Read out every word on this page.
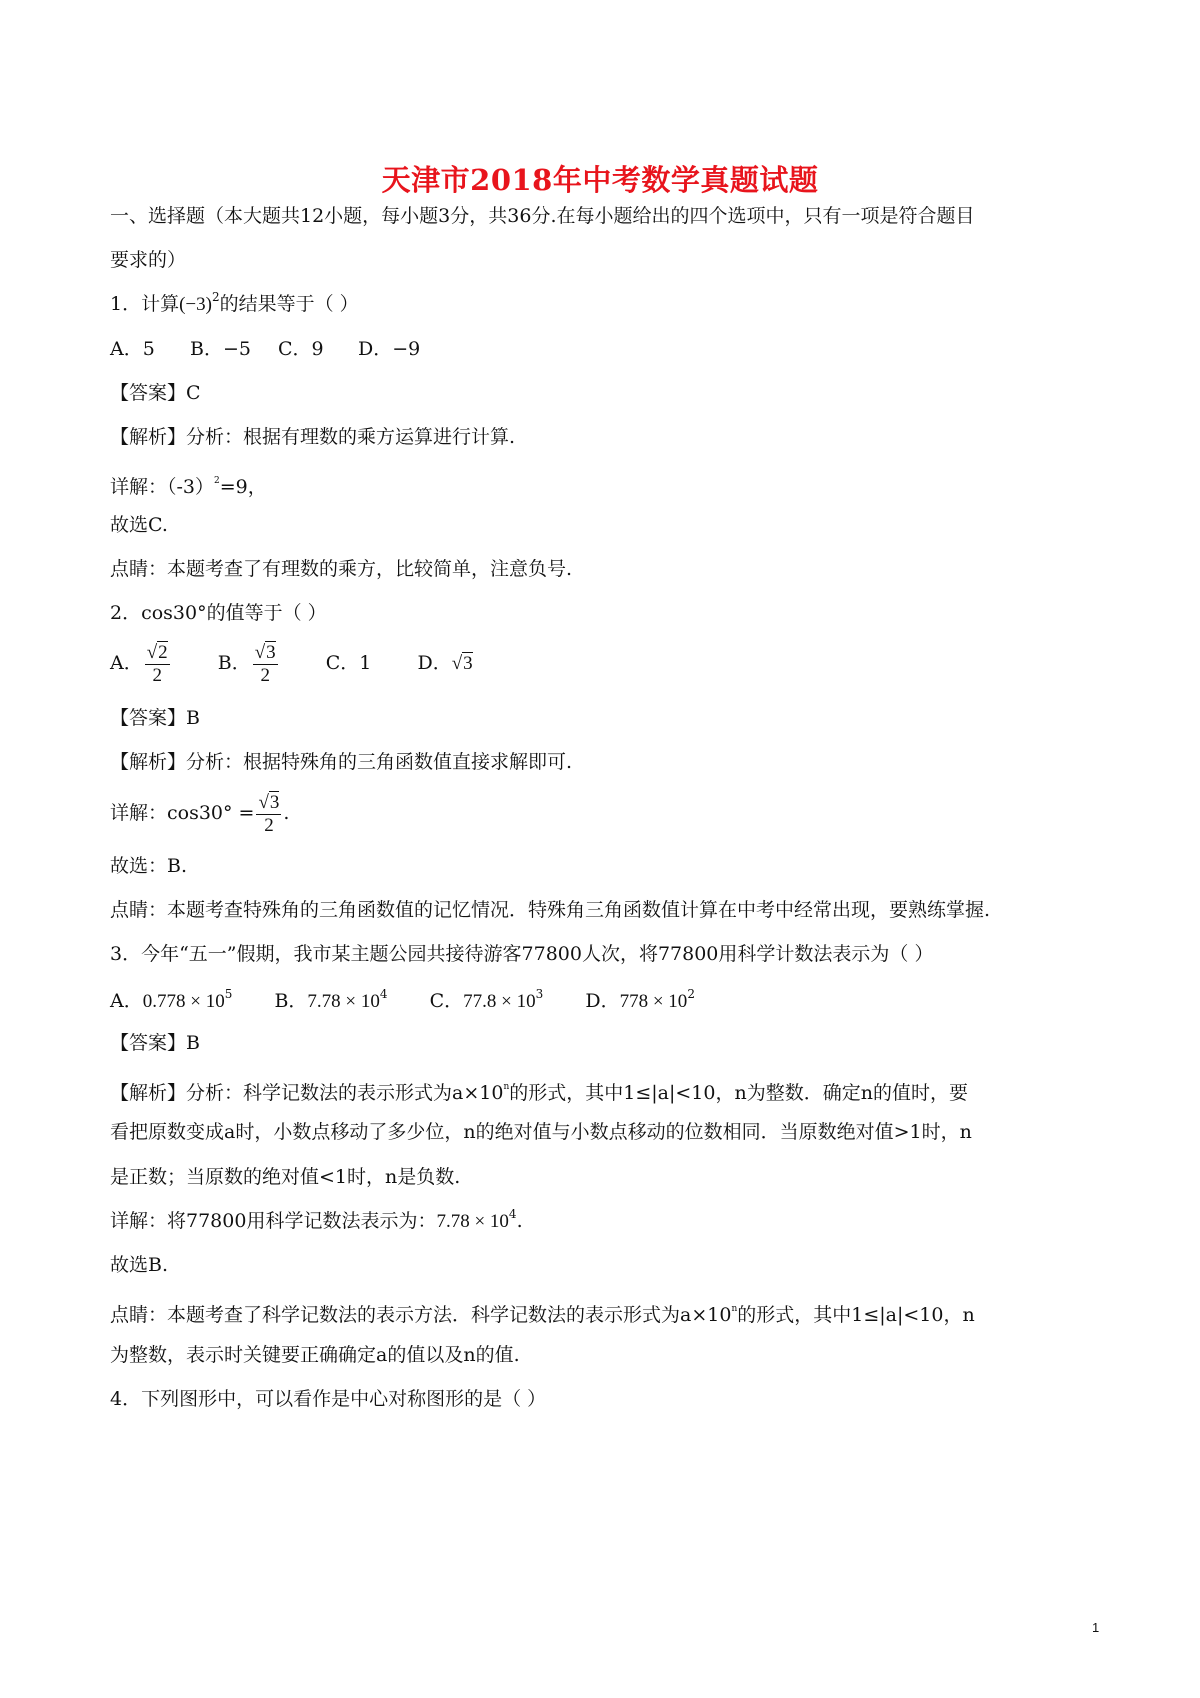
天津市2018年中考数学真题试题
一、选择题（本大题共12小题，每小题3分，共36分.在每小题给出的四个选项中，只有一项是符合题目
要求的）
1．计算$(-3)^2$的结果等于（ ）
A．5 B．−5 C．9 D．−9
【答案】C
【解析】分析：根据有理数的乘方运算进行计算.
详解：$(-3)^2=9$，
故选C.
点睛：本题考查了有理数的乘方，比较简单，注意负号.
2．cos30°的值等于（ ）
A． $\frac{√2}{2}$	B． $\frac{√3}{2}$	C．1 D．√3
【答案】B
【解析】分析：根据特殊角的三角函数值直接求解即可.
详解：$\cos 30^\circ = \frac{√3}{2}$ .
故选：B.
点睛：本题考查特殊角的三角函数值的记忆情况．特殊角三角函数值计算在中考中经常出现，要熟练掌握.
3．今年“五一”假期，我市某主题公园共接待游客77800人次，将77800用科学计数法表示为（ ）
A．$0.778 \times 10^5$ B．$7.78 \times 10^4$ C．$77.8 \times 10^3$ D．$778 \times 10^2$
【答案】B
【解析】分析：科学记数法的表示形式为$a\times 10^n$的形式，其中1≤|a|<10，n为整数．确定n的值时，要
看把原数变成a时，小数点移动了多少位，n的绝对值与小数点移动的位数相同．当原数绝对值>1时，n
是正数；当原数的绝对值<1时，n是负数.
详解：将77800用科学记数法表示为：$7.78 \times 10^4$.
故选B.
点睛：本题考查了科学记数法的表示方法．科学记数法的表示形式为$a\times 10^n$的形式，其中1≤|a|<10，n
为整数，表示时关键要正确确定a的值以及n的值.
4．下列图形中，可以看作是中心对称图形的是（ ）
1
